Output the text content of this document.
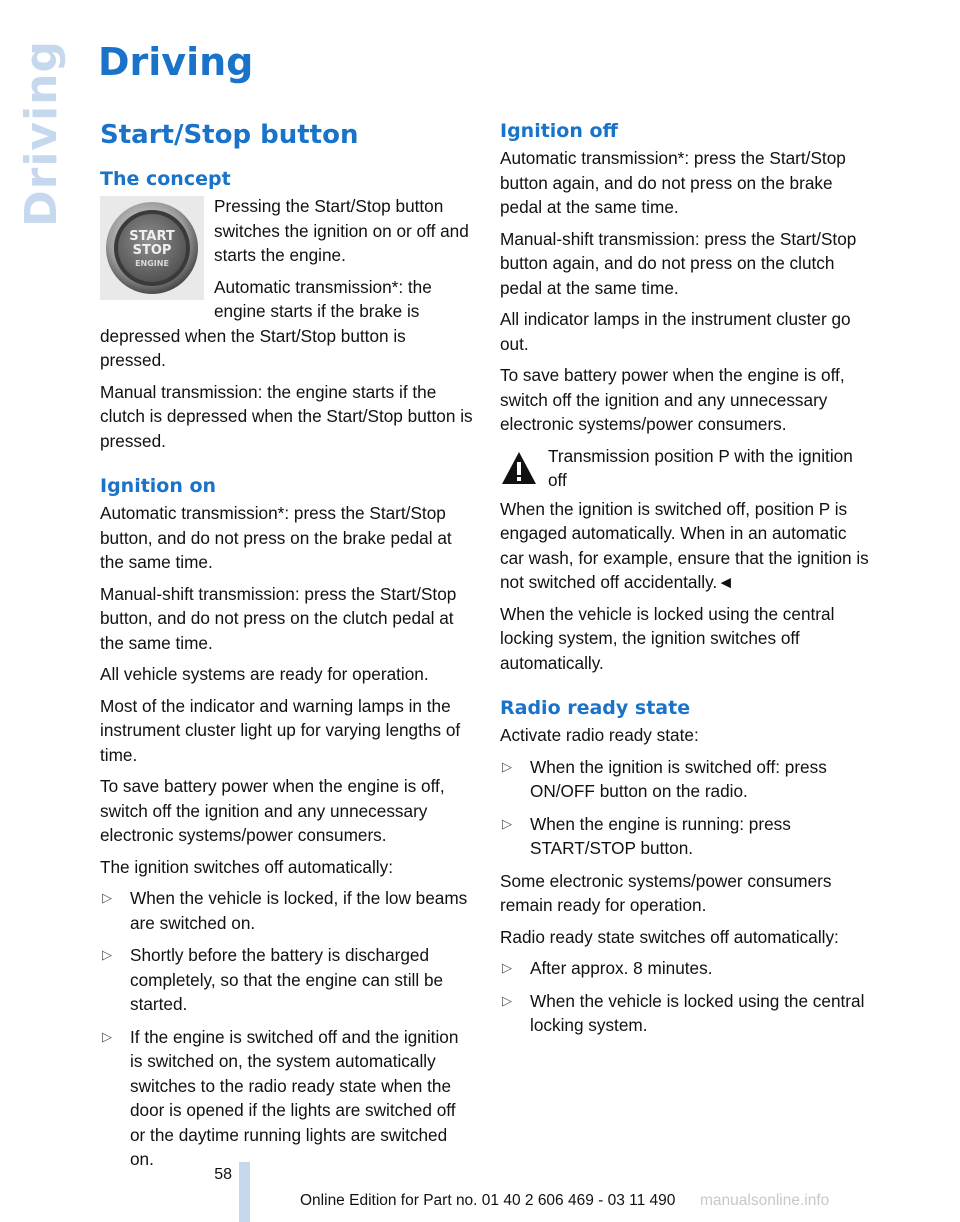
Driving Driving
Start/Stop button
The concept
START
STOP
ENGINE

Pressing the Start/Stop button switches the ignition on or off and starts the engine.

Automatic transmission*: the engine starts if the brake is depressed when the Start/Stop button is pressed.

Manual transmission: the engine starts if the clutch is depressed when the Start/Stop button is pressed.

Ignition on

Automatic transmission*: press the Start/Stop button, and do not press on the brake pedal at the same time.

Manual-shift transmission: press the Start/Stop button, and do not press on the clutch pedal at the same time.

All vehicle systems are ready for operation.

Most of the indicator and warning lamps in the instrument cluster light up for varying lengths of time.

To save battery power when the engine is off, switch off the ignition and any unnecessary electronic systems/power consumers.

The ignition switches off automatically:

▷ When the vehicle is locked, if the low beams are switched on.
▷ Shortly before the battery is discharged completely, so that the engine can still be started.
▷ If the engine is switched off and the ignition is switched on, the system automatically switches to the radio ready state when the door is opened if the lights are switched off or the daytime running lights are switched on.
Ignition off

Automatic transmission*: press the Start/Stop button again, and do not press on the brake pedal at the same time.

Manual-shift transmission: press the Start/Stop button again, and do not press on the clutch pedal at the same time.

All indicator lamps in the instrument cluster go out.

To save battery power when the engine is off, switch off the ignition and any unnecessary electronic systems/power consumers.

Transmission position P with the ignition off

When the ignition is switched off, position P is engaged automatically. When in an automatic car wash, for example, ensure that the ignition is not switched off accidentally.◄

When the vehicle is locked using the central locking system, the ignition switches off automatically.

Radio ready state

Activate radio ready state:

▷ When the ignition is switched off: press ON/OFF button on the radio.
▷ When the engine is running: press START/STOP button.

Some electronic systems/power consumers remain ready for operation.

Radio ready state switches off automatically:

▷ After approx. 8 minutes.
▷ When the vehicle is locked using the central locking system.
58
Online Edition for Part no. 01 40 2 606 469 - 03 11 490 manualsonline.info
